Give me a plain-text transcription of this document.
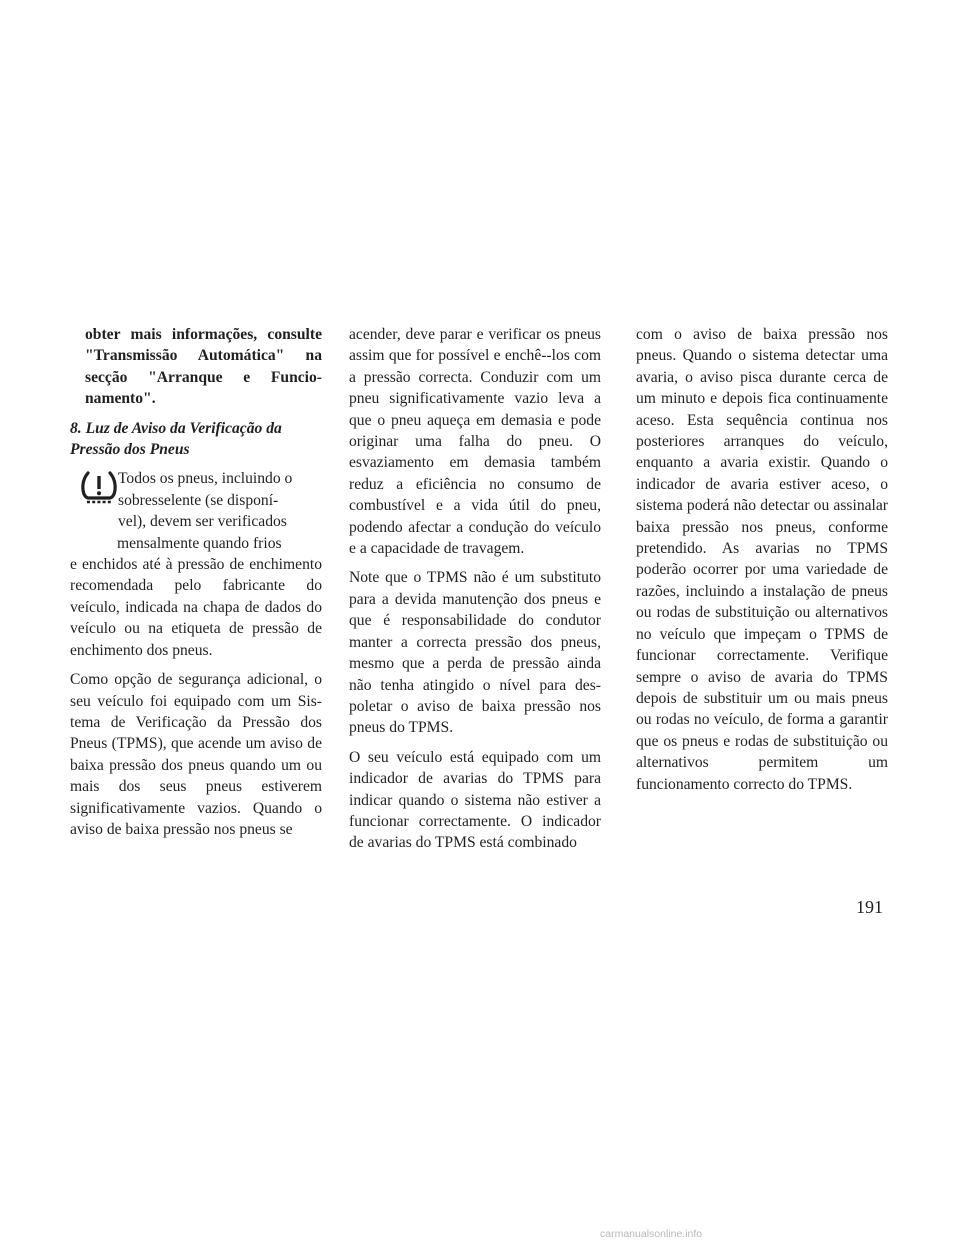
obter mais informações, consulte "Transmissão Automática" na secção "Arranque e Funcionamento".

8. Luz de Aviso da Verificação da Pressão dos Pneus

Todos os pneus, incluindo o
sobresselente (se disponí-
vel), devem ser verificados
mensalmente quando frios

e enchidos até à pressão de enchimento recomendada pelo fabricante do veículo, indicada na chapa de dados do veículo ou na etiqueta de pressão de enchimento dos pneus.

Como opção de segurança adicional, o seu veículo foi equipado com um Sistema de Verificação da Pressão dos Pneus (TPMS), que acende um aviso de baixa pressão dos pneus quando um ou mais dos seus pneus estiverem significativamente vazios. Quando o aviso de baixa pressão nos pneus se

acender, deve parar e verificar os pneus assim que for possível e enchê--los com a pressão correcta. Conduzir com um pneu significativamente vazio leva a que o pneu aqueça em demasia e pode originar uma falha do pneu. O esvaziamento em demasia também reduz a eficiência no consumo de combustível e a vida útil do pneu, podendo afectar a condução do veículo e a capacidade de travagem.

Note que o TPMS não é um substituto para a devida manutenção dos pneus e que é responsabilidade do condutor manter a correcta pressão dos pneus, mesmo que a perda de pressão ainda não tenha atingido o nível para despoletar o aviso de baixa pressão nos pneus do TPMS.

O seu veículo está equipado com um indicador de avarias do TPMS para indicar quando o sistema não estiver a funcionar correctamente. O indicador de avarias do TPMS está combinado

com o aviso de baixa pressão nos pneus. Quando o sistema detectar uma avaria, o aviso pisca durante cerca de um minuto e depois fica continuamente aceso. Esta sequência continua nos posteriores arranques do veículo, enquanto a avaria existir. Quando o indicador de avaria estiver aceso, o sistema poderá não detectar ou assinalar baixa pressão nos pneus, conforme pretendido. As avarias no TPMS poderão ocorrer por uma variedade de razões, incluindo a instalação de pneus ou rodas de substituição ou alternativos no veículo que impeçam o TPMS de funcionar correctamente. Verifique sempre o aviso de avaria do TPMS depois de substituir um ou mais pneus ou rodas no veículo, de forma a garantir que os pneus e rodas de substituição ou alternativos permitem um funcionamento correcto do TPMS.

191
carmanualsonline.info
